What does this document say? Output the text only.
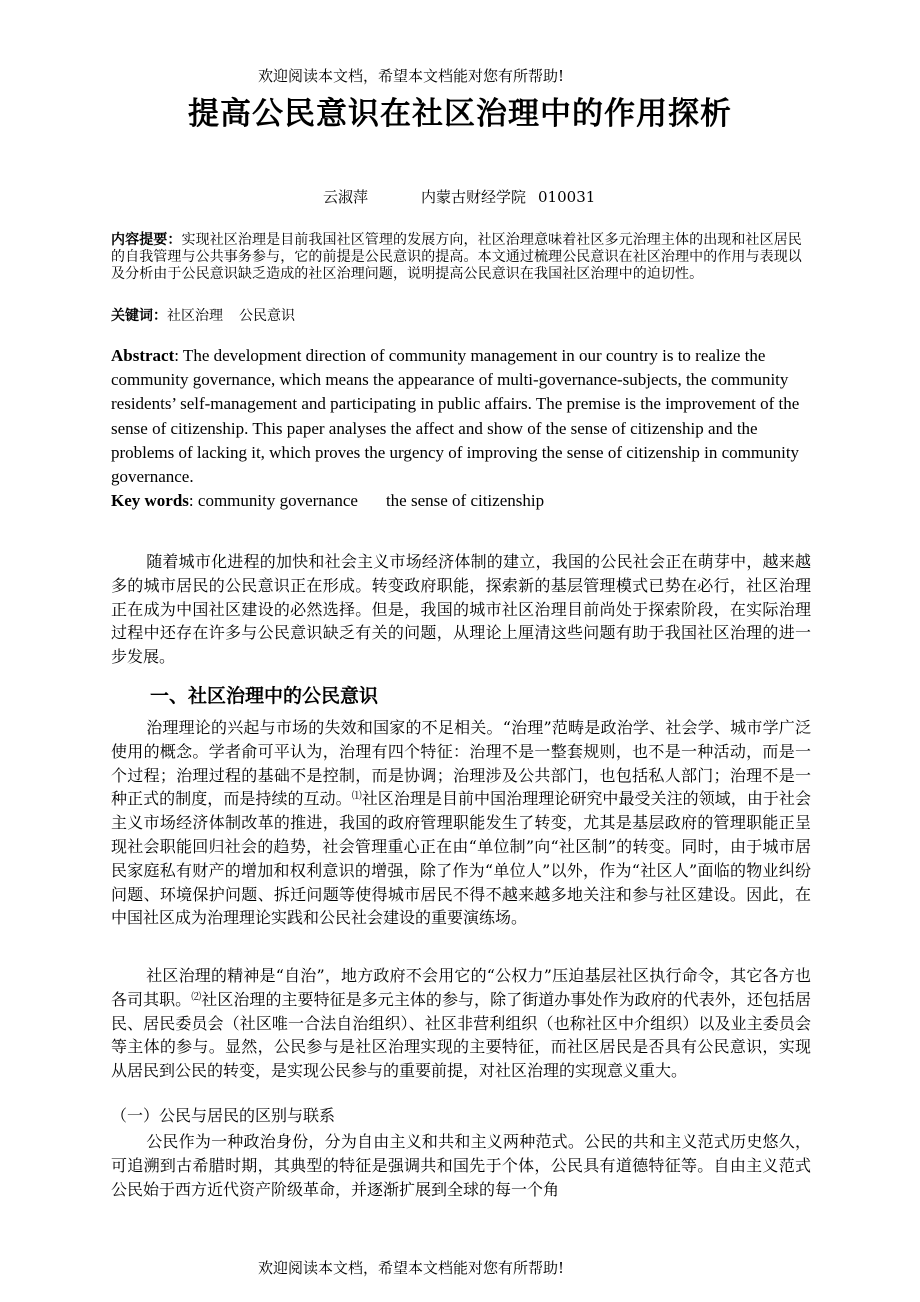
欢迎阅读本文档，希望本文档能对您有所帮助!
提高公民意识在社区治理中的作用探析
云淑萍	内蒙古财经学院 010031
内容提要：实现社区治理是目前我国社区管理的发展方向，社区治理意味着社区多元治理主体的出现和社区居民的自我管理与公共事务参与，它的前提是公民意识的提高。本文通过梳理公民意识在社区治理中的作用与表现以及分析由于公民意识缺乏造成的社区治理问题，说明提高公民意识在我国社区治理中的迫切性。
关键词：社区治理 公民意识
Abstract: The development direction of community management in our country is to realize the community governance, which means the appearance of multi-governance-subjects, the community residents’ self-management and participating in public affairs. The premise is the improvement of the sense of citizenship. This paper analyses the affect and show of the sense of citizenship and the problems of lacking it, which proves the urgency of improving the sense of citizenship in community governance.
Key words: community governance the sense of citizenship
随着城市化进程的加快和社会主义市场经济体制的建立，我国的公民社会正在萌芽中，越来越多的城市居民的公民意识正在形成。转变政府职能，探索新的基层管理模式已势在必行，社区治理正在成为中国社区建设的必然选择。但是，我国的城市社区治理目前尚处于探索阶段，在实际治理过程中还存在许多与公民意识缺乏有关的问题，从理论上厘清这些问题有助于我国社区治理的进一步发展。
一、社区治理中的公民意识
治理理论的兴起与市场的失效和国家的不足相关。“治理”范畴是政治学、社会学、城市学广泛使用的概念。学者俞可平认为，治理有四个特征：治理不是一整套规则，也不是一种活动，而是一个过程；治理过程的基础不是控制，而是协调；治理涉及公共部门，也包括私人部门；治理不是一种正式的制度，而是持续的互动。⑴社区治理是目前中国治理理论研究中最受关注的领域，由于社会主义市场经济体制改革的推进，我国的政府管理职能发生了转变，尤其是基层政府的管理职能正呈现社会职能回归社会的趋势，社会管理重心正在由“单位制”向“社区制”的转变。同时，由于城市居民家庭私有财产的增加和权利意识的增强，除了作为“单位人”以外，作为“社区人”面临的物业纠纷问题、环境保护问题、拆迁问题等使得城市居民不得不越来越多地关注和参与社区建设。因此，在中国社区成为治理理论实践和公民社会建设的重要演练场。
社区治理的精神是“自治”，地方政府不会用它的“公权力”压迫基层社区执行命令，其它各方也各司其职。⑵社区治理的主要特征是多元主体的参与，除了街道办事处作为政府的代表外，还包括居民、居民委员会（社区唯一合法自治组织）、社区非营利组织（也称社区中介组织）以及业主委员会等主体的参与。显然，公民参与是社区治理实现的主要特征，而社区居民是否具有公民意识，实现从居民到公民的转变，是实现公民参与的重要前提，对社区治理的实现意义重大。
（一）公民与居民的区别与联系
公民作为一种政治身份，分为自由主义和共和主义两种范式。公民的共和主义范式历史悠久，可追溯到古希腊时期，其典型的特征是强调共和国先于个体，公民具有道德特征等。自由主义范式公民始于西方近代资产阶级革命，并逐渐扩展到全球的每一个角
欢迎阅读本文档，希望本文档能对您有所帮助!
